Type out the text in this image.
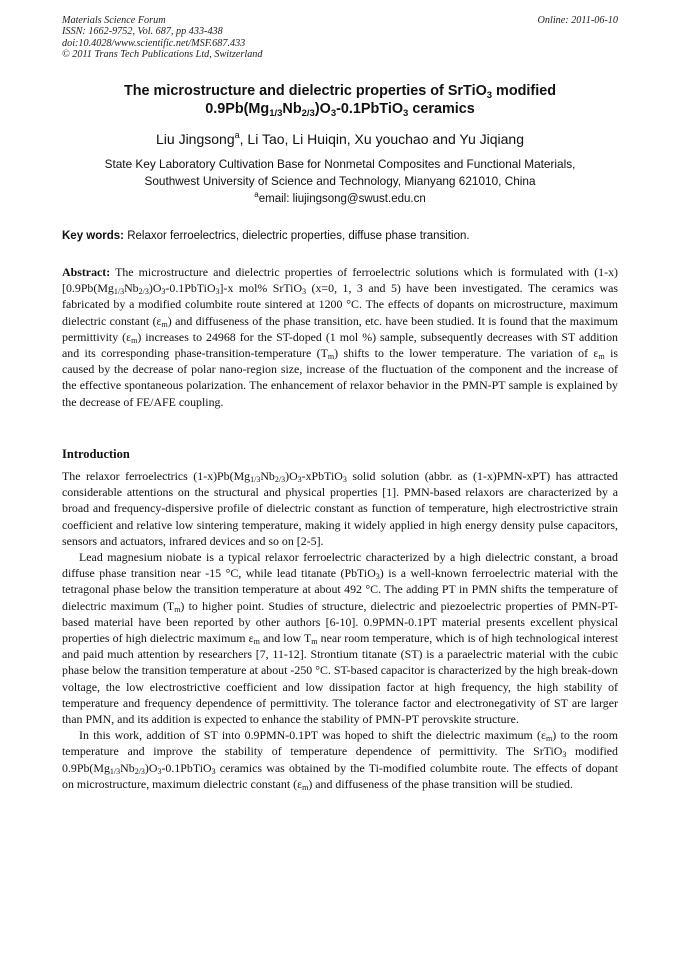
Materials Science Forum
ISSN: 1662-9752, Vol. 687, pp 433-438
doi:10.4028/www.scientific.net/MSF.687.433
© 2011 Trans Tech Publications Ltd, Switzerland
Online: 2011-06-10
The microstructure and dielectric properties of SrTiO$_3$ modified
$0.9Pb(Mg_{1/3}Nb_{2/3})O_3-0.1PbTiO_3$ ceramics
Liu Jingsong$^a$, Li Tao, Li Huiqin, Xu youchao and Yu Jiqiang
State Key Laboratory Cultivation Base for Nonmetal Composites and Functional Materials,
Southwest University of Science and Technology, Mianyang 621010, China
$^a$email: liujingsong@swust.edu.cn
Key words: Relaxor ferroelectrics, dielectric properties, diffuse phase transition.
Abstract: The microstructure and dielectric properties of ferroelectric solutions which is formulated with $(1-x)[0.9Pb(Mg_{1/3}Nb_{2/3})O_3-0.1PbTiO_3]-x$ mol% SrTiO$_3$ (x=0, 1, 3 and 5) have been investigated. The ceramics was fabricated by a modified columbite route sintered at 1200 °C. The effects of dopants on microstructure, maximum dielectric constant $(\varepsilon_m)$ and diffuseness of the phase transition, etc. have been studied. It is found that the maximum permittivity $(\varepsilon_m)$ increases to 24968 for the ST-doped (1 mol %) sample, subsequently decreases with ST addition and its corresponding phase-transition-temperature $(T_m)$ shifts to the lower temperature. The variation of $\varepsilon_m$ is caused by the decrease of polar nano-region size, increase of the fluctuation of the component and the increase of the effective spontaneous polarization. The enhancement of relaxor behavior in the PMN-PT sample is explained by the decrease of FE/AFE coupling.
Introduction

The relaxor ferroelectrics $(1-x)Pb(Mg_{1/3}Nb_{2/3})O_3-xPbTiO_3$ solid solution (abbr. as (1-x)PMN-xPT) has attracted considerable attentions on the structural and physical properties [1]. PMN-based relaxors are characterized by a broad and frequency-dispersive profile of dielectric constant as function of temperature, high electrostrictive strain coefficient and relative low sintering temperature, making it widely applied in high energy density pulse capacitors, sensors and actuators, infrared devices and so on [2-5].

Lead magnesium niobate is a typical relaxor ferroelectric characterized by a high dielectric constant, a broad diffuse phase transition near -15 °C, while lead titanate (PbTiO$_3$) is a well-known ferroelectric material with the tetragonal phase below the transition temperature at about 492 °C. The adding PT in PMN shifts the temperature of dielectric maximum $(T_m)$ to higher point. Studies of structure, dielectric and piezoelectric properties of PMN-PT-based material have been reported by other authors [6-10]. 0.9PMN-0.1PT material presents excellent physical properties of high dielectric maximum $\varepsilon_m$ and low $T_m$ near room temperature, which is of high technological interest and paid much attention by researchers [7, 11-12]. Strontium titanate (ST) is a paraelectric material with the cubic phase below the transition temperature at about -250 °C. ST-based capacitor is characterized by the high break-down voltage, the low electrostrictive coefficient and low dissipation factor at high frequency, the high stability of temperature and frequency dependence of permittivity. The tolerance factor and electronegativity of ST are larger than PMN, and its addition is expected to enhance the stability of PMN-PT perovskite structure.

In this work, addition of ST into 0.9PMN-0.1PT was hoped to shift the dielectric maximum $(\varepsilon_m)$ to the room temperature and improve the stability of temperature dependence of permittivity. The SrTiO$_3$ modified $0.9Pb(Mg_{1/3}Nb_{2/3})O_3-0.1PbTiO_3$ ceramics was obtained by the Ti-modified columbite route. The effects of dopant on microstructure, maximum dielectric constant $(\varepsilon_m)$ and diffuseness of the phase transition will be studied.
